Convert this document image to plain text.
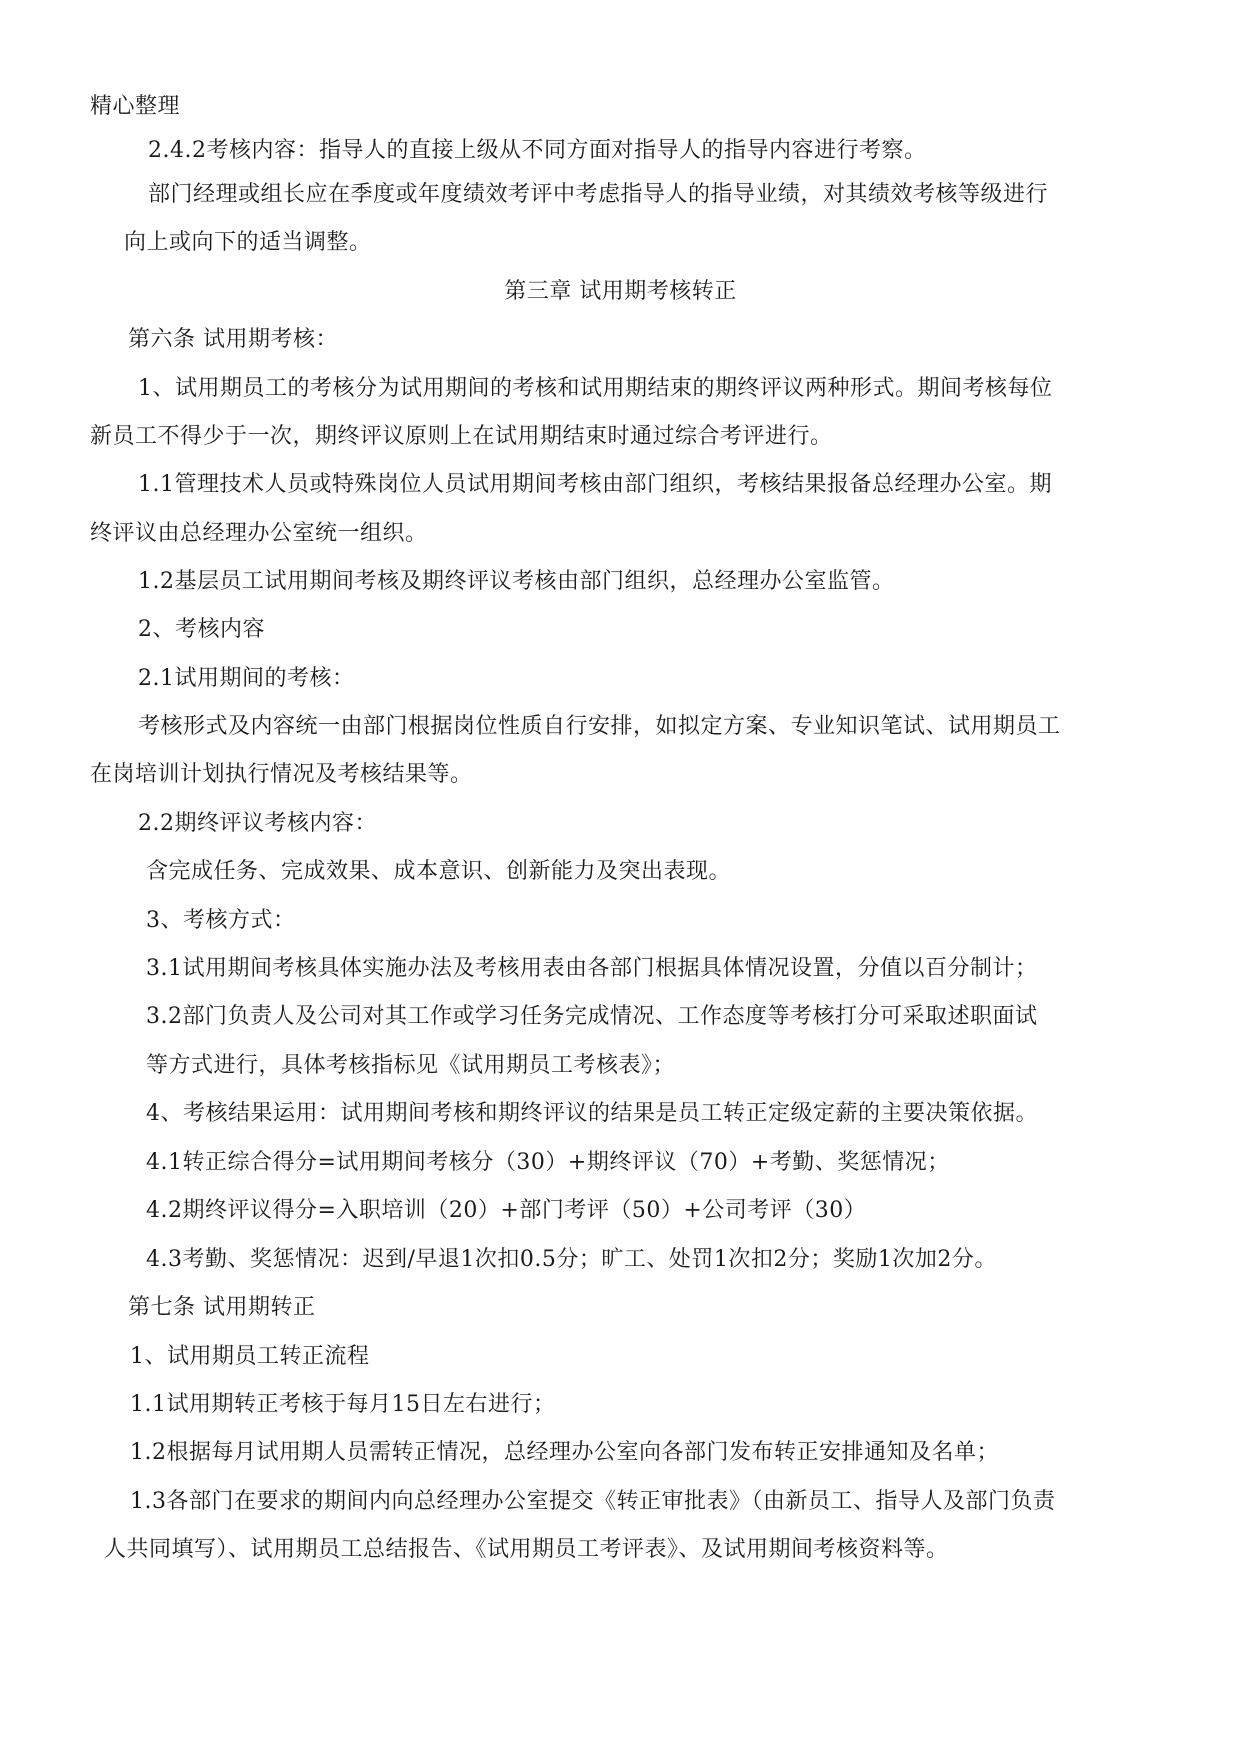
精心整理
2.4.2考核内容：指导人的直接上级从不同方面对指导人的指导内容进行考察。
部门经理或组长应在季度或年度绩效考评中考虑指导人的指导业绩，对其绩效考核等级进行
向上或向下的适当调整。
第三章 试用期考核转正
第六条 试用期考核：
1、试用期员工的考核分为试用期间的考核和试用期结束的期终评议两种形式。期间考核每位
新员工不得少于一次，期终评议原则上在试用期结束时通过综合考评进行。
1.1管理技术人员或特殊岗位人员试用期间考核由部门组织，考核结果报备总经理办公室。期
终评议由总经理办公室统一组织。
1.2基层员工试用期间考核及期终评议考核由部门组织，总经理办公室监管。
2、考核内容
2.1试用期间的考核：
考核形式及内容统一由部门根据岗位性质自行安排，如拟定方案、专业知识笔试、试用期员工
在岗培训计划执行情况及考核结果等。
2.2期终评议考核内容：
含完成任务、完成效果、成本意识、创新能力及突出表现。
3、考核方式：
3.1试用期间考核具体实施办法及考核用表由各部门根据具体情况设置，分值以百分制计；
3.2部门负责人及公司对其工作或学习任务完成情况、工作态度等考核打分可采取述职面试
等方式进行，具体考核指标见《试用期员工考核表》；
4、考核结果运用：试用期间考核和期终评议的结果是员工转正定级定薪的主要决策依据。
4.1转正综合得分=试用期间考核分（30）+期终评议（70）+考勤、奖惩情况；
4.2期终评议得分=入职培训（20）+部门考评（50）+公司考评（30）
4.3考勤、奖惩情况：迟到/早退1次扣0.5分；旷工、处罚1次扣2分；奖励1次加2分。
第七条 试用期转正
1、试用期员工转正流程
1.1试用期转正考核于每月15日左右进行；
1.2根据每月试用期人员需转正情况，总经理办公室向各部门发布转正安排通知及名单；
1.3各部门在要求的期间内向总经理办公室提交《转正审批表》（由新员工、指导人及部门负责
人共同填写）、试用期员工总结报告、《试用期员工考评表》、及试用期间考核资料等。
